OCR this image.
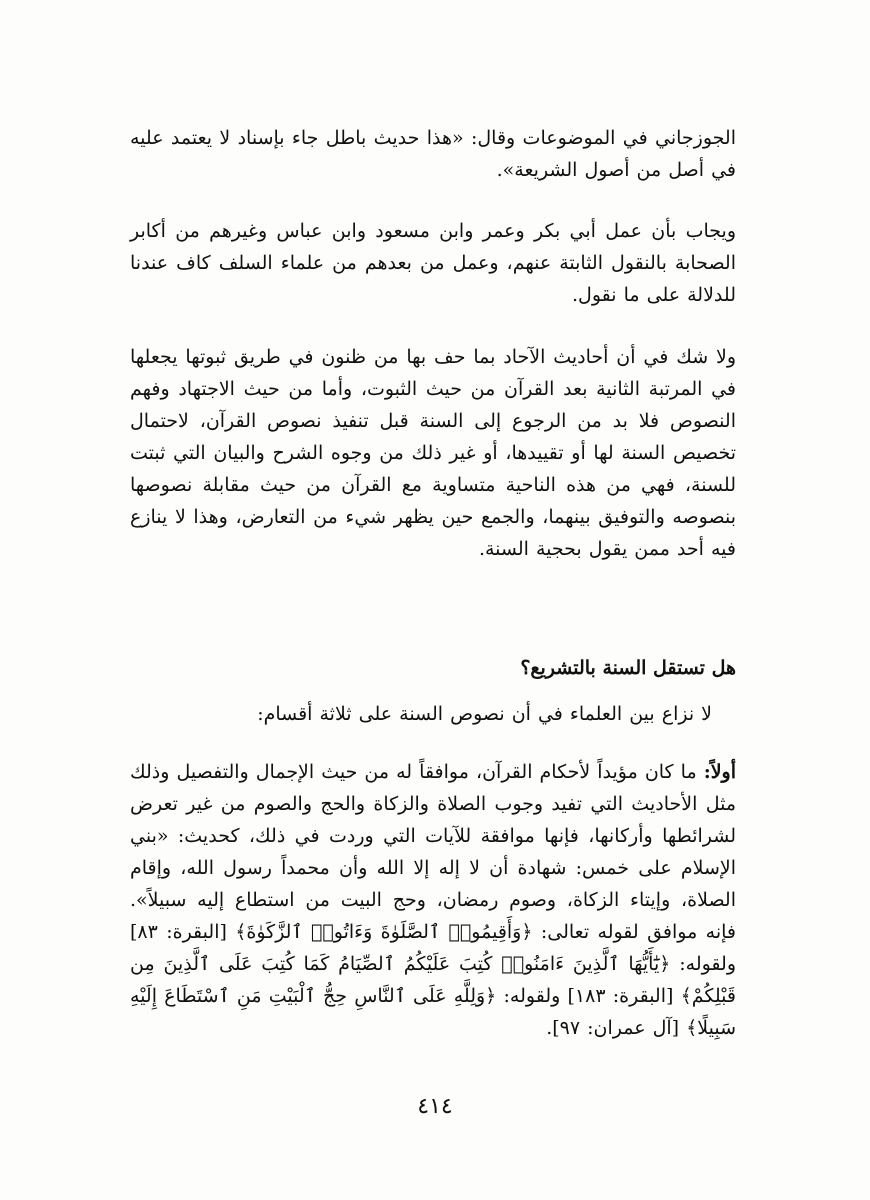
الجوزجاني في الموضوعات وقال: «هذا حديث باطل جاء بإسناد لا يعتمد عليه في أصل من أصول الشريعة».

ويجاب بأن عمل أبي بكر وعمر وابن مسعود وابن عباس وغيرهم من أكابر الصحابة بالنقول الثابتة عنهم، وعمل من بعدهم من علماء السلف كاف عندنا للدلالة على ما نقول.

ولا شك في أن أحاديث الآحاد بما حف بها من ظنون في طريق ثبوتها يجعلها في المرتبة الثانية بعد القرآن من حيث الثبوت، وأما من حيث الاجتهاد وفهم النصوص فلا بد من الرجوع إلى السنة قبل تنفيذ نصوص القرآن، لاحتمال تخصيص السنة لها أو تقييدها، أو غير ذلك من وجوه الشرح والبيان التي ثبتت للسنة، فهي من هذه الناحية متساوية مع القرآن من حيث مقابلة نصوصها بنصوصه والتوفيق بينهما، والجمع حين يظهر شيء من التعارض، وهذا لا ينازع فيه أحد ممن يقول بحجية السنة.

هل تستقل السنة بالتشريع؟

لا نزاع بين العلماء في أن نصوص السنة على ثلاثة أقسام:

أولاً: ما كان مؤيداً لأحكام القرآن، موافقاً له من حيث الإجمال والتفصيل وذلك مثل الأحاديث التي تفيد وجوب الصلاة والزكاة والحج والصوم من غير تعرض لشرائطها وأركانها، فإنها موافقة للآيات التي وردت في ذلك، كحديث: «بني الإسلام على خمس: شهادة أن لا إله إلا الله وأن محمداً رسول الله، وإقام الصلاة، وإيتاء الزكاة، وصوم رمضان، وحج البيت من استطاع إليه سبيلاً». فإنه موافق لقوله تعالى: ﴿وَأَقِيمُوا۟ ٱلصَّلَوٰةَ وَءَاتُوا۟ ٱلزَّكَوٰةَ﴾ [البقرة: ٨٣] ولقوله: ﴿يَٰٓأَيُّهَا ٱلَّذِينَ ءَامَنُوا۟ كُتِبَ عَلَيْكُمُ ٱلصِّيَامُ كَمَا كُتِبَ عَلَى ٱلَّذِينَ مِن قَبْلِكُمْ﴾ [البقرة: ١٨٣] ولقوله: ﴿وَلِلَّهِ عَلَى ٱلنَّاسِ حِجُّ ٱلْبَيْتِ مَنِ ٱسْتَطَاعَ إِلَيْهِ سَبِيلًا﴾ [آل عمران: ٩٧].

٤١٤
